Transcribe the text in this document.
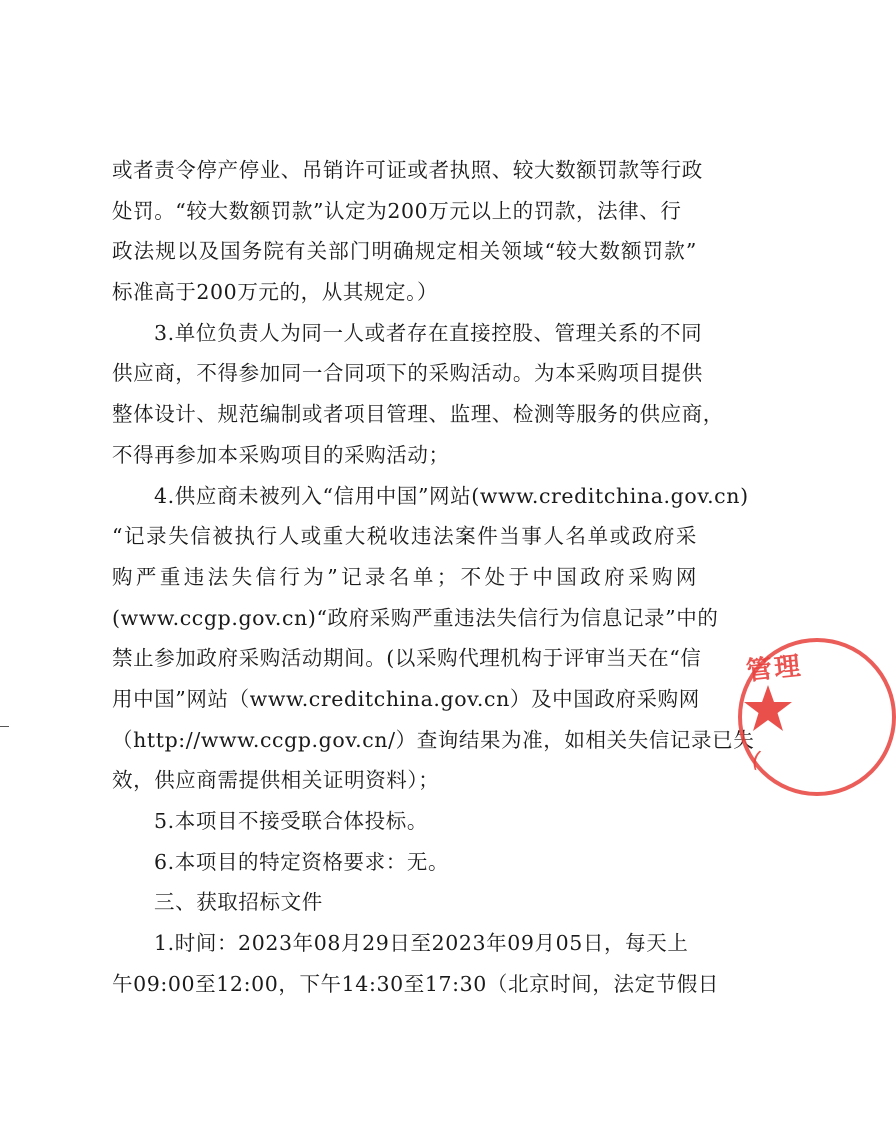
或者责令停产停业、吊销许可证或者执照、较大数额罚款等行政
处罚。“较大数额罚款”认定为200万元以上的罚款，法律、行
政法规以及国务院有关部门明确规定相关领域“较大数额罚款”
标准高于200万元的，从其规定。）
3.单位负责人为同一人或者存在直接控股、管理关系的不同
供应商，不得参加同一合同项下的采购活动。为本采购项目提供
整体设计、规范编制或者项目管理、监理、检测等服务的供应商，
不得再参加本采购项目的采购活动；
4.供应商未被列入“信用中国”网站(www.creditchina.gov.cn)
“记录失信被执行人或重大税收违法案件当事人名单或政府采
购严重违法失信行为”记录名单；不处于中国政府采购网
(www.ccgp.gov.cn)“政府采购严重违法失信行为信息记录”中的
禁止参加政府采购活动期间。(以采购代理机构于评审当天在“信
用中国”网站（www.creditchina.gov.cn）及中国政府采购网
（http://www.ccgp.gov.cn/）查询结果为准，如相关失信记录已失
效，供应商需提供相关证明资料）；
5.本项目不接受联合体投标。
6.本项目的特定资格要求：无。
三、获取招标文件
1.时间：2023年08月29日至2023年09月05日，每天上
午09:00至12:00，下午14:30至17:30（北京时间，法定节假日
管理
(
